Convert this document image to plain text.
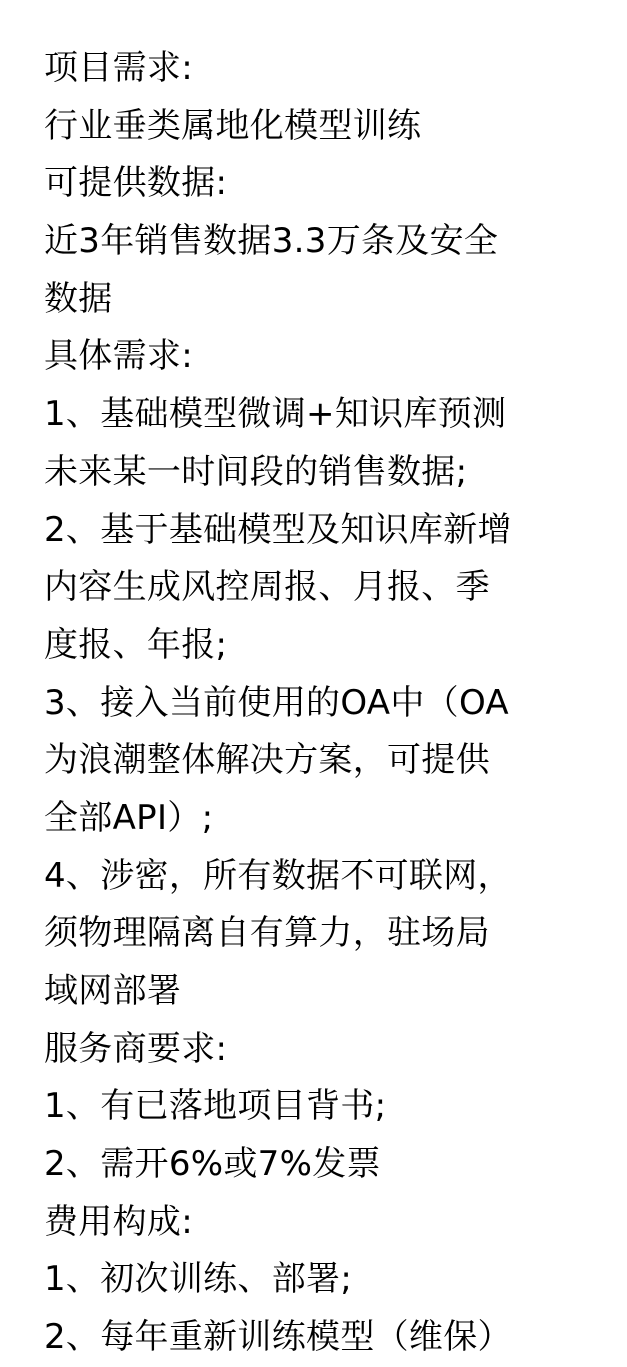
项目需求:
行业垂类属地化模型训练
可提供数据:
近3年销售数据3.3万条及安全
数据
具体需求:
1、基础模型微调+知识库预测
未来某一时间段的销售数据;
2、基于基础模型及知识库新增
内容生成风控周报、月报、季
度报、年报;
3、接入当前使用的OA中（OA
为浪潮整体解决方案，可提供
全部API）;
4、涉密，所有数据不可联网，
须物理隔离自有算力，驻场局
域网部署
服务商要求:
1、有已落地项目背书;
2、需开6%或7%发票
费用构成:
1、初次训练、部署;
2、每年重新训练模型（维保）
